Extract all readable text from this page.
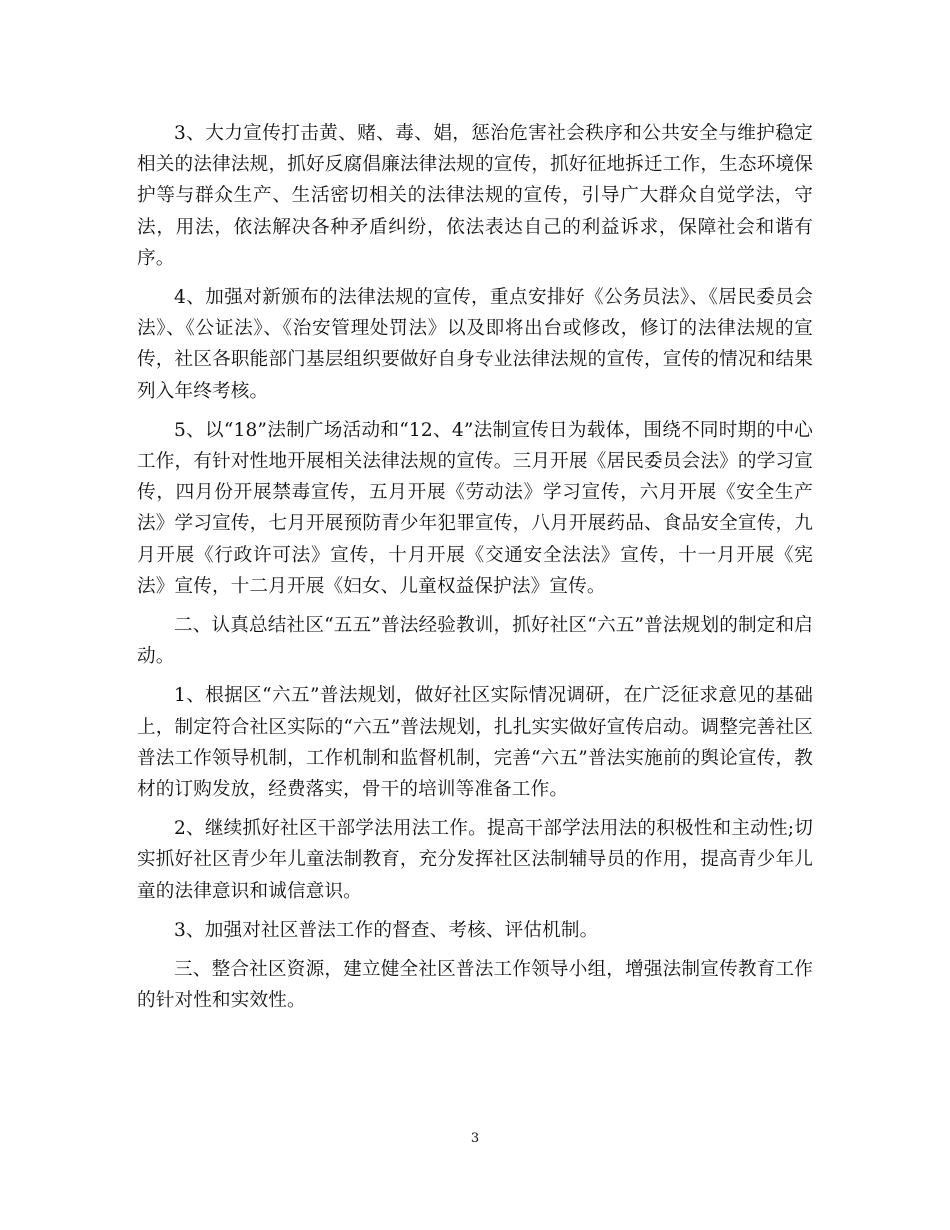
3、大力宣传打击黄、赌、毒、娼，惩治危害社会秩序和公共安全与维护稳定相关的法律法规，抓好反腐倡廉法律法规的宣传，抓好征地拆迁工作，生态环境保护等与群众生产、生活密切相关的法律法规的宣传，引导广大群众自觉学法，守法，用法，依法解决各种矛盾纠纷，依法表达自己的利益诉求，保障社会和谐有序。

4、加强对新颁布的法律法规的宣传，重点安排好《公务员法》、《居民委员会法》、《公证法》、《治安管理处罚法》以及即将出台或修改，修订的法律法规的宣传，社区各职能部门基层组织要做好自身专业法律法规的宣传，宣传的情况和结果列入年终考核。

5、以“18”法制广场活动和“12、4”法制宣传日为载体，围绕不同时期的中心工作，有针对性地开展相关法律法规的宣传。三月开展《居民委员会法》的学习宣传，四月份开展禁毒宣传，五月开展《劳动法》学习宣传，六月开展《安全生产法》学习宣传，七月开展预防青少年犯罪宣传，八月开展药品、食品安全宣传，九月开展《行政许可法》宣传，十月开展《交通安全法法》宣传，十一月开展《宪法》宣传，十二月开展《妇女、儿童权益保护法》宣传。

二、认真总结社区“五五”普法经验教训，抓好社区“六五”普法规划的制定和启动。

1、根据区“六五”普法规划，做好社区实际情况调研，在广泛征求意见的基础上，制定符合社区实际的“六五”普法规划，扎扎实实做好宣传启动。调整完善社区普法工作领导机制，工作机制和监督机制，完善“六五”普法实施前的舆论宣传，教材的订购发放，经费落实，骨干的培训等准备工作。

2、继续抓好社区干部学法用法工作。提高干部学法用法的积极性和主动性;切实抓好社区青少年儿童法制教育，充分发挥社区法制辅导员的作用，提高青少年儿童的法律意识和诚信意识。

3、加强对社区普法工作的督查、考核、评估机制。

三、整合社区资源，建立健全社区普法工作领导小组，增强法制宣传教育工作的针对性和实效性。

3
